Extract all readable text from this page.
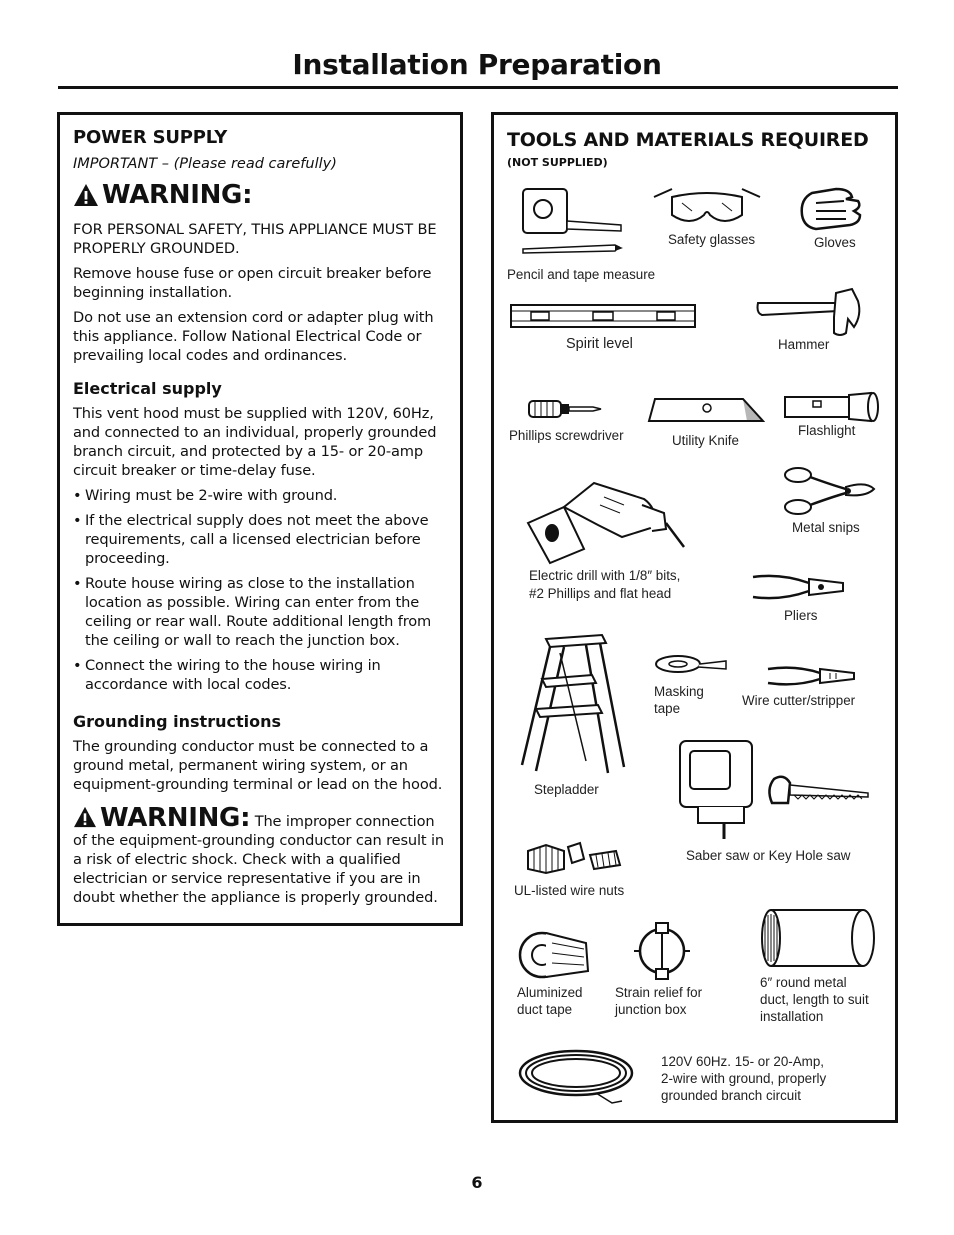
Installation Preparation
POWER SUPPLY
IMPORTANT – (Please read carefully)
WARNING:

FOR PERSONAL SAFETY, THIS APPLIANCE MUST BE PROPERLY GROUNDED.

Remove house fuse or open circuit breaker before beginning installation.

Do not use an extension cord or adapter plug with this appliance. Follow National Electrical Code or prevailing local codes and ordinances.

Electrical supply

This vent hood must be supplied with 120V, 60Hz, and connected to an individual, properly grounded branch circuit, and protected by a 15- or 20-amp circuit breaker or time-delay fuse.

• Wiring must be 2-wire with ground.
• If the electrical supply does not meet the above requirements, call a licensed electrician before proceeding.
• Route house wiring as close to the installation location as possible. Wiring can enter from the ceiling or rear wall. Route additional length from the ceiling or wall to reach the junction box.
• Connect the wiring to the house wiring in accordance with local codes.
Grounding instructions

The grounding conductor must be connected to a ground metal, permanent wiring system, or an equipment-grounding terminal or lead on the hood.

WARNING: The improper connection of the equipment-grounding conductor can result in a risk of electric shock. Check with a qualified electrician or service representative if you are in doubt whether the appliance is properly grounded.
TOOLS AND MATERIALS REQUIRED
(NOT SUPPLIED)
Pencil and tape measure
Safety glasses	Gloves
Spirit level	Hammer
Phillips screwdriver	Utility Knife
Flashlight
Metal snips
Electric drill with 1/8″ bits,
#2 Phillips and flat head
Pliers
Stepladder
Masking
tape
Wire cutter/stripper
Saber saw or Key Hole saw
UL-listed wire nuts
Aluminized
duct tape
Strain relief for
junction box
6″ round metal
duct, length to suit
installation
120V 60Hz. 15- or 20-Amp,
2-wire with ground, properly
grounded branch circuit
6
